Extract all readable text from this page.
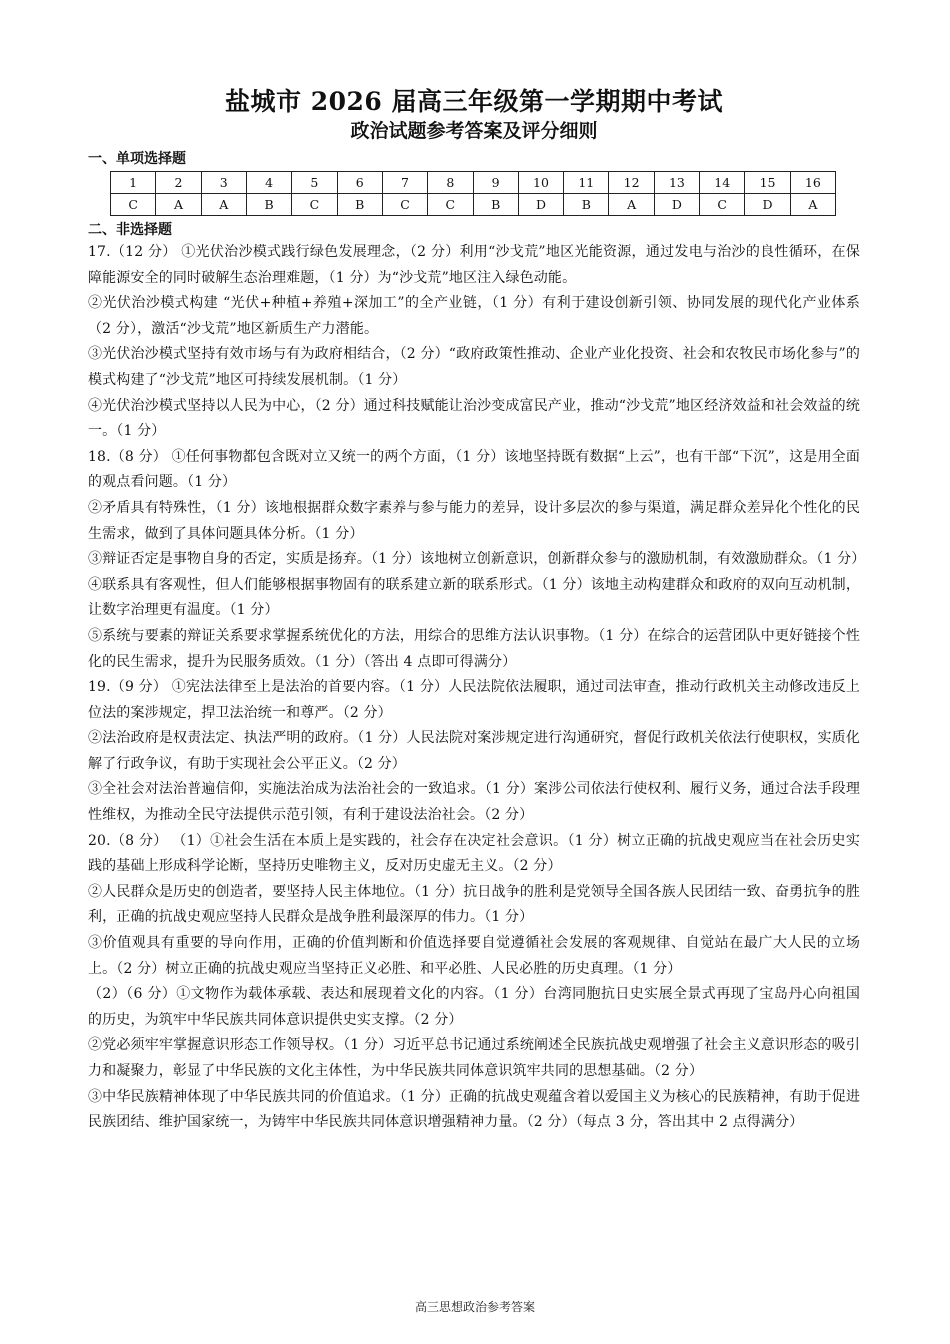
盐城市 2026 届高三年级第一学期期中考试
政治试题参考答案及评分细则

一、单项选择题

1	2	3	4	5	6	7	8	9	10	11	12	13	14	15	16
C	A	A	B	C	B	C	C	B	D	B	A	D	C	D	A

二、非选择题

17.（12 分） ①光伏治沙模式践行绿色发展理念，（2 分）利用“沙戈荒”地区光能资源，通过发电与治沙的良性循环，在保障能源安全的同时破解生态治理难题，（1 分）为“沙戈荒”地区注入绿色动能。

②光伏治沙模式构建 “光伏+种植+养殖+深加工”的全产业链，（1 分）有利于建设创新引领、协同发展的现代化产业体系（2 分），激活“沙戈荒”地区新质生产力潜能。

③光伏治沙模式坚持有效市场与有为政府相结合，（2 分）“政府政策性推动、企业产业化投资、社会和农牧民市场化参与”的模式构建了“沙戈荒”地区可持续发展机制。（1 分）

④光伏治沙模式坚持以人民为中心，（2 分）通过科技赋能让治沙变成富民产业，推动“沙戈荒”地区经济效益和社会效益的统一。（1 分）

18.（8 分） ①任何事物都包含既对立又统一的两个方面，（1 分）该地坚持既有数据“上云”，也有干部“下沉”，这是用全面的观点看问题。（1 分）

②矛盾具有特殊性，（1 分）该地根据群众数字素养与参与能力的差异，设计多层次的参与渠道，满足群众差异化个性化的民生需求，做到了具体问题具体分析。（1 分）

③辩证否定是事物自身的否定，实质是扬弃。（1 分）该地树立创新意识，创新群众参与的激励机制，有效激励群众。（1 分）

④联系具有客观性，但人们能够根据事物固有的联系建立新的联系形式。（1 分）该地主动构建群众和政府的双向互动机制，让数字治理更有温度。（1 分）

⑤系统与要素的辩证关系要求掌握系统优化的方法，用综合的思维方法认识事物。（1 分）在综合的运营团队中更好链接个性化的民生需求，提升为民服务质效。（1 分）（答出 4 点即可得满分）

19.（9 分） ①宪法法律至上是法治的首要内容。（1 分）人民法院依法履职，通过司法审查，推动行政机关主动修改违反上位法的案涉规定，捍卫法治统一和尊严。（2 分）

②法治政府是权责法定、执法严明的政府。（1 分）人民法院对案涉规定进行沟通研究，督促行政机关依法行使职权，实质化解了行政争议，有助于实现社会公平正义。（2 分）

③全社会对法治普遍信仰，实施法治成为法治社会的一致追求。（1 分）案涉公司依法行使权利、履行义务，通过合法手段理性维权，为推动全民守法提供示范引领，有利于建设法治社会。（2 分）

20.（8 分） （1）①社会生活在本质上是实践的，社会存在决定社会意识。（1 分）树立正确的抗战史观应当在社会历史实践的基础上形成科学论断，坚持历史唯物主义，反对历史虚无主义。（2 分）

②人民群众是历史的创造者，要坚持人民主体地位。（1 分）抗日战争的胜利是党领导全国各族人民团结一致、奋勇抗争的胜利，正确的抗战史观应坚持人民群众是战争胜利最深厚的伟力。（1 分）

③价值观具有重要的导向作用，正确的价值判断和价值选择要自觉遵循社会发展的客观规律、自觉站在最广大人民的立场上。（2 分）树立正确的抗战史观应当坚持正义必胜、和平必胜、人民必胜的历史真理。（1 分）

（2）（6 分）①文物作为载体承载、表达和展现着文化的内容。（1 分）台湾同胞抗日史实展全景式再现了宝岛丹心向祖国的历史，为筑牢中华民族共同体意识提供史实支撑。（2 分）

②党必须牢牢掌握意识形态工作领导权。（1 分）习近平总书记通过系统阐述全民族抗战史观增强了社会主义意识形态的吸引力和凝聚力，彰显了中华民族的文化主体性，为中华民族共同体意识筑牢共同的思想基础。（2 分）

③中华民族精神体现了中华民族共同的价值追求。（1 分）正确的抗战史观蕴含着以爱国主义为核心的民族精神，有助于促进民族团结、维护国家统一，为铸牢中华民族共同体意识增强精神力量。（2 分）（每点 3 分，答出其中 2 点得满分）

高三思想政治参考答案
